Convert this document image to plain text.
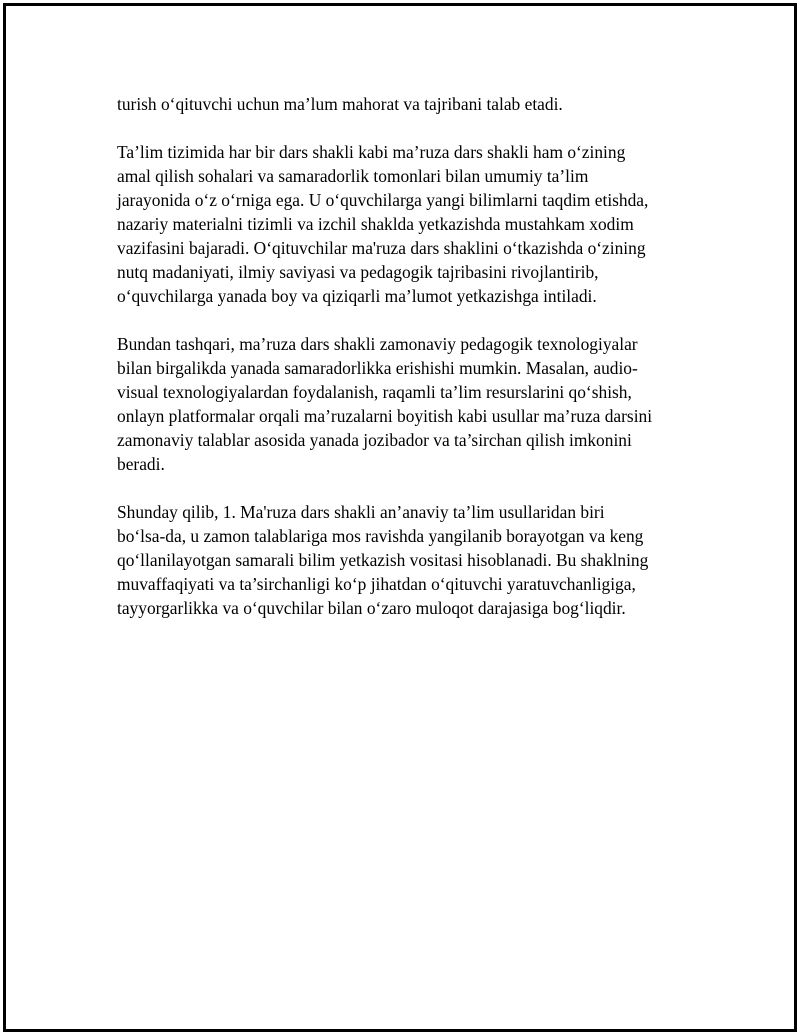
turish o‘qituvchi uchun ma’lum mahorat va tajribani talab etadi.
Ta’lim tizimida har bir dars shakli kabi ma’ruza dars shakli ham o‘zining
amal qilish sohalari va samaradorlik tomonlari bilan umumiy ta’lim
jarayonida o‘z o‘rniga ega. U o‘quvchilarga yangi bilimlarni taqdim etishda,
nazariy materialni tizimli va izchil shaklda yetkazishda mustahkam xodim
vazifasini bajaradi. O‘qituvchilar ma'ruza dars shaklini o‘tkazishda o‘zining
nutq madaniyati, ilmiy saviyasi va pedagogik tajribasini rivojlantirib,
o‘quvchilarga yanada boy va qiziqarli ma’lumot yetkazishga intiladi.
Bundan tashqari, ma’ruza dars shakli zamonaviy pedagogik texnologiyalar
bilan birgalikda yanada samaradorlikka erishishi mumkin. Masalan, audio-
visual texnologiyalardan foydalanish, raqamli ta’lim resurslarini qo‘shish,
onlayn platformalar orqali ma’ruzalarni boyitish kabi usullar ma’ruza darsini
zamonaviy talablar asosida yanada jozibador va ta’sirchan qilish imkonini
beradi.
Shunday qilib, 1. Ma'ruza dars shakli an’anaviy ta’lim usullaridan biri
bo‘lsa-da, u zamon talablariga mos ravishda yangilanib borayotgan va keng
qo‘llanilayotgan samarali bilim yetkazish vositasi hisoblanadi. Bu shaklning
muvaffaqiyati va ta’sirchanligi ko‘p jihatdan o‘qituvchi yaratuvchanligiga,
tayyorgarlikka va o‘quvchilar bilan o‘zaro muloqot darajasiga bog‘liqdir.
